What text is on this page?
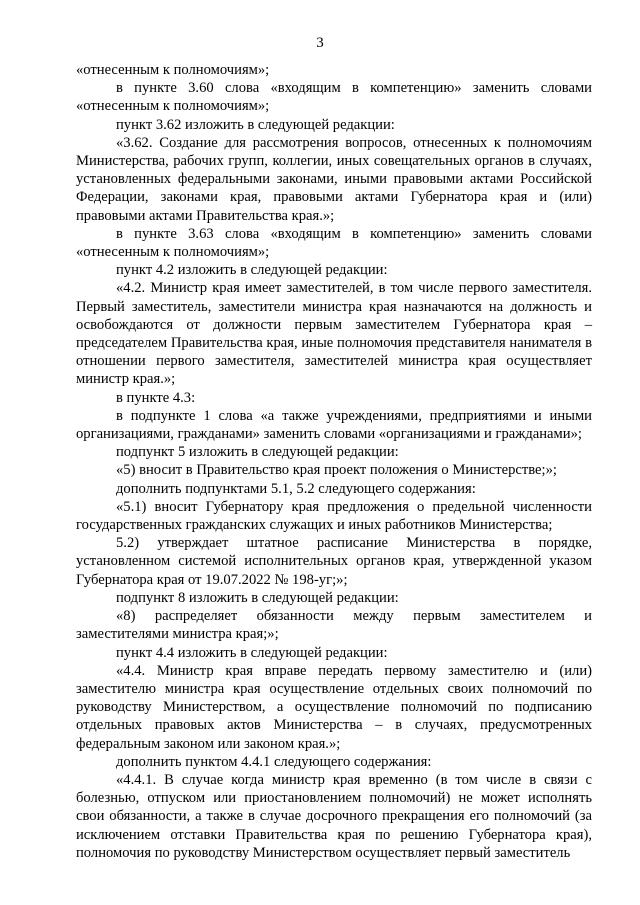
3

«отнесенным к полномочиям»;

в пункте 3.60 слова «входящим в компетенцию» заменить словами «отнесенным к полномочиям»;

пункт 3.62 изложить в следующей редакции:

«3.62. Создание для рассмотрения вопросов, отнесенных к полномочиям Министерства, рабочих групп, коллегии, иных совещательных органов в случаях, установленных федеральными законами, иными правовыми актами Российской Федерации, законами края, правовыми актами Губернатора края и (или) правовыми актами Правительства края.»;

в пункте 3.63 слова «входящим в компетенцию» заменить словами «отнесенным к полномочиям»;

пункт 4.2 изложить в следующей редакции:

«4.2. Министр края имеет заместителей, в том числе первого заместителя. Первый заместитель, заместители министра края назначаются на должность и освобождаются от должности первым заместителем Губернатора края – председателем Правительства края, иные полномочия представителя нанимателя в отношении первого заместителя, заместителей министра края осуществляет министр края.»;

в пункте 4.3:

в подпункте 1 слова «а также учреждениями, предприятиями и иными организациями, гражданами» заменить словами «организациями и гражданами»;

подпункт 5 изложить в следующей редакции:

«5) вносит в Правительство края проект положения о Министерстве;»;

дополнить подпунктами 5.1, 5.2 следующего содержания:

«5.1) вносит Губернатору края предложения о предельной численности государственных гражданских служащих и иных работников Министерства;

5.2) утверждает штатное расписание Министерства в порядке, установленном системой исполнительных органов края, утвержденной указом Губернатора края от 19.07.2022 № 198-уг;»;

подпункт 8 изложить в следующей редакции:

«8) распределяет обязанности между первым заместителем и заместителями министра края;»;

пункт 4.4 изложить в следующей редакции:

«4.4. Министр края вправе передать первому заместителю и (или) заместителю министра края осуществление отдельных своих полномочий по руководству Министерством, а осуществление полномочий по подписанию отдельных правовых актов Министерства – в случаях, предусмотренных федеральным законом или законом края.»;

дополнить пунктом 4.4.1 следующего содержания:

«4.4.1. В случае когда министр края временно (в том числе в связи с болезнью, отпуском или приостановлением полномочий) не может исполнять свои обязанности, а также в случае досрочного прекращения его полномочий (за исключением отставки Правительства края по решению Губернатора края), полномочия по руководству Министерством осуществляет первый заместитель
